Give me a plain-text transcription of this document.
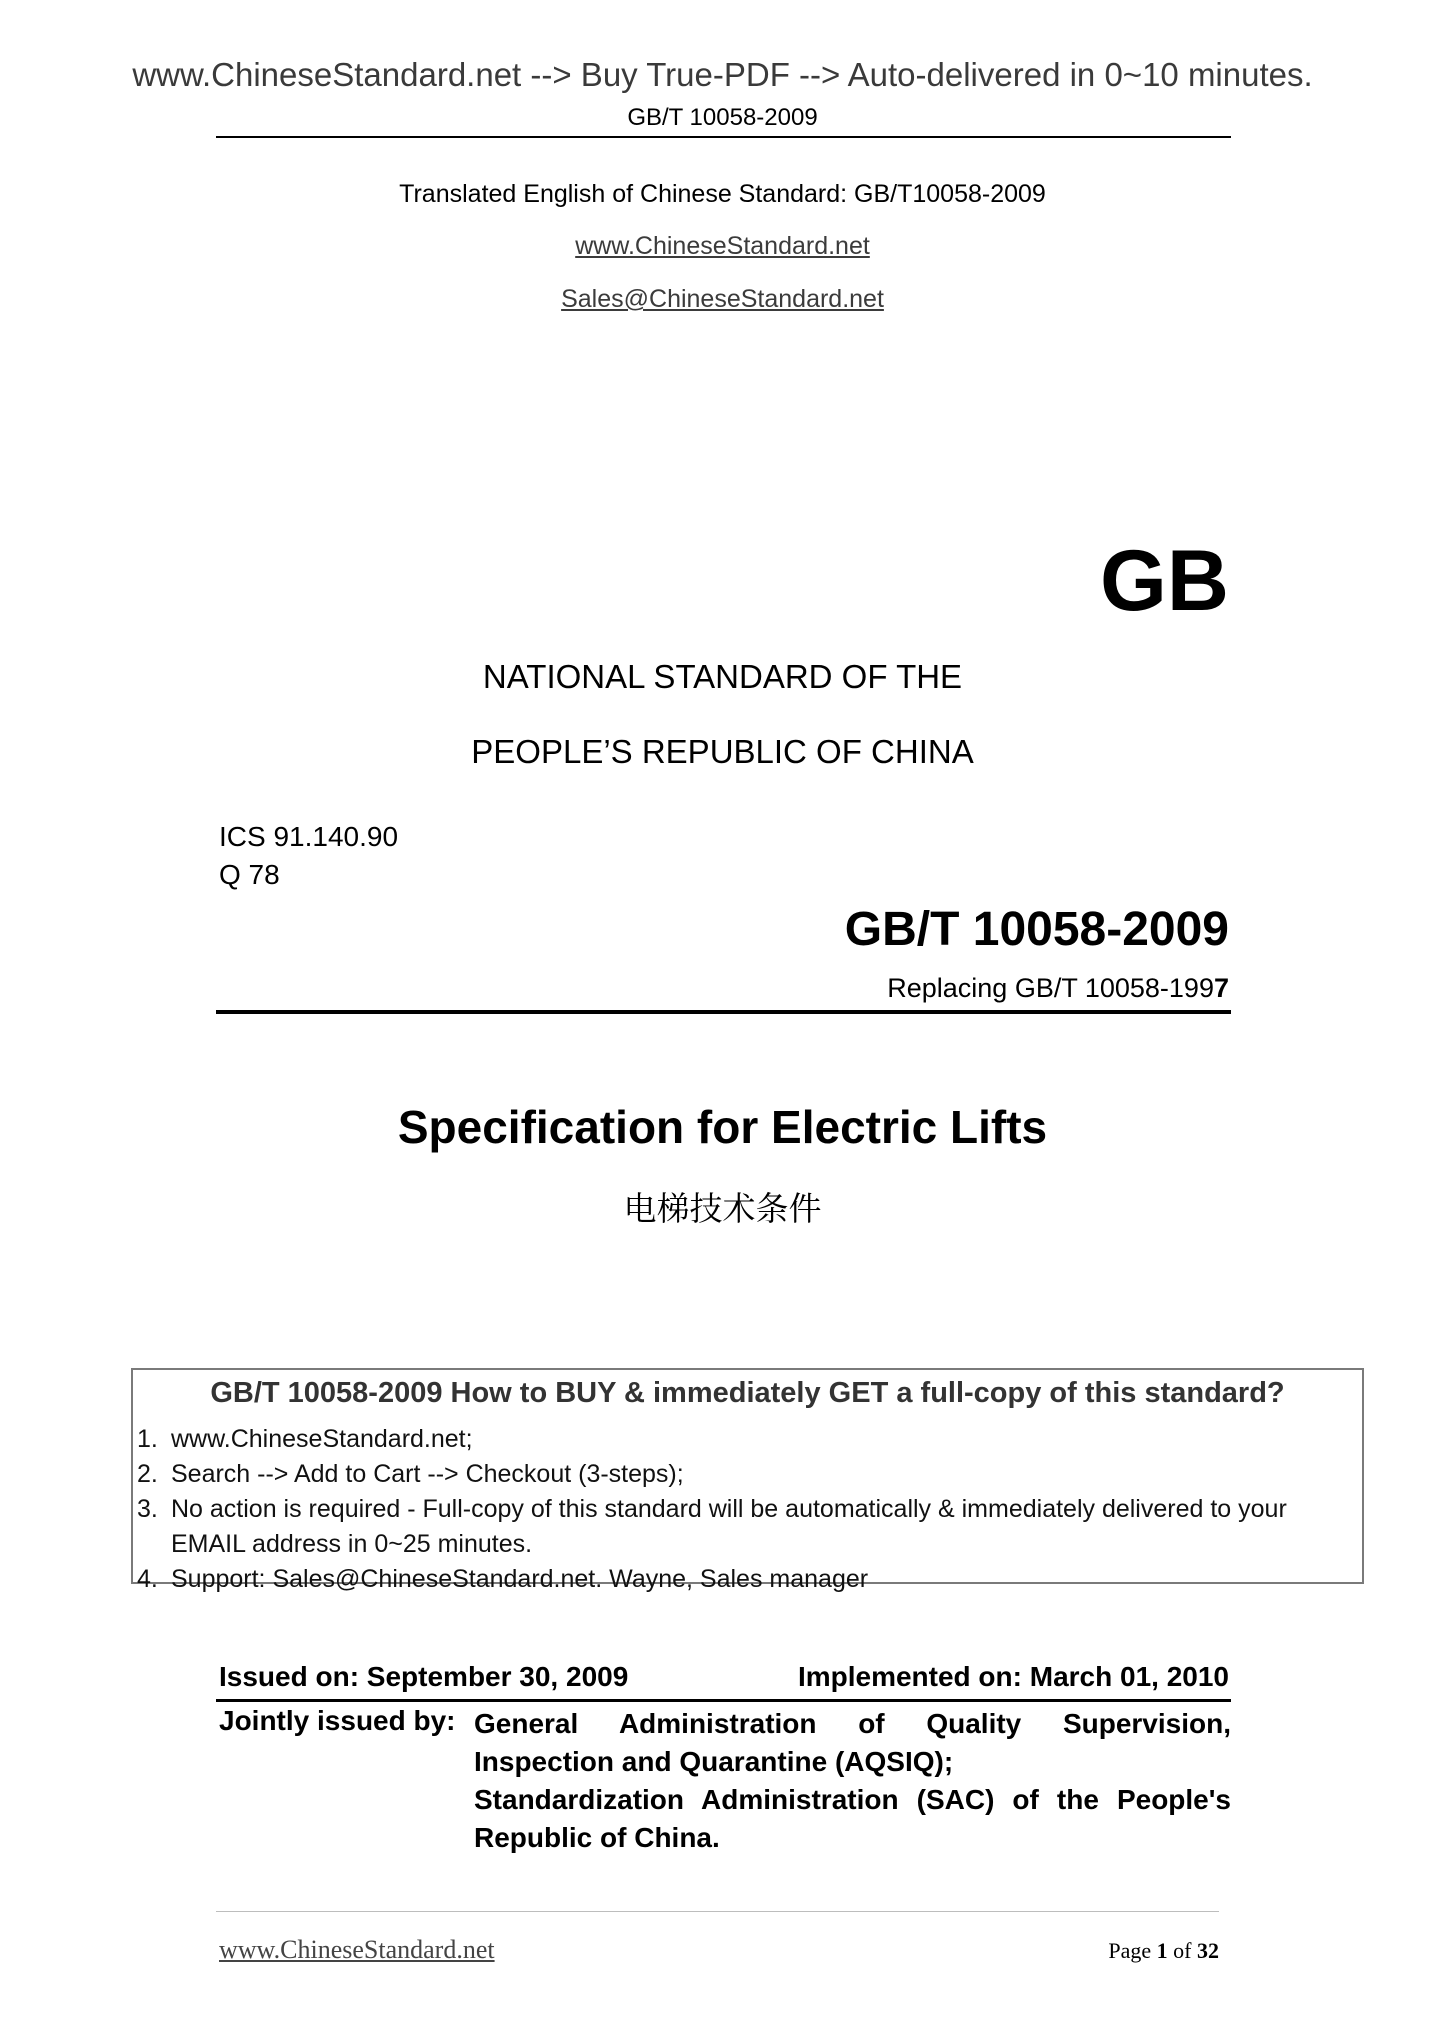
www.ChineseStandard.net --> Buy True-PDF --> Auto-delivered in 0~10 minutes.
GB/T 10058-2009
Translated English of Chinese Standard: GB/T10058-2009
www.ChineseStandard.net
Sales@ChineseStandard.net
GB
NATIONAL STANDARD OF THE
PEOPLE’S REPUBLIC OF CHINA
ICS 91.140.90
Q 78
GB/T 10058-2009
Replacing GB/T 10058-1997
Specification for Electric Lifts
电梯技术条件
GB/T 10058-2009 How to BUY & immediately GET a full-copy of this standard?
1. www.ChineseStandard.net;
2. Search --> Add to Cart --> Checkout (3-steps);
3. No action is required - Full-copy of this standard will be automatically & immediately delivered to your EMAIL address in 0~25 minutes.
4. Support: Sales@ChineseStandard.net. Wayne, Sales manager
Issued on: September 30, 2009	Implemented on: March 01, 2010
Jointly issued by: General Administration of Quality Supervision,

Inspection and Quarantine (AQSIQ);

Standardization Administration (SAC) of the People's

Republic of China.

www.ChineseStandard.net	Page 1 of 32
